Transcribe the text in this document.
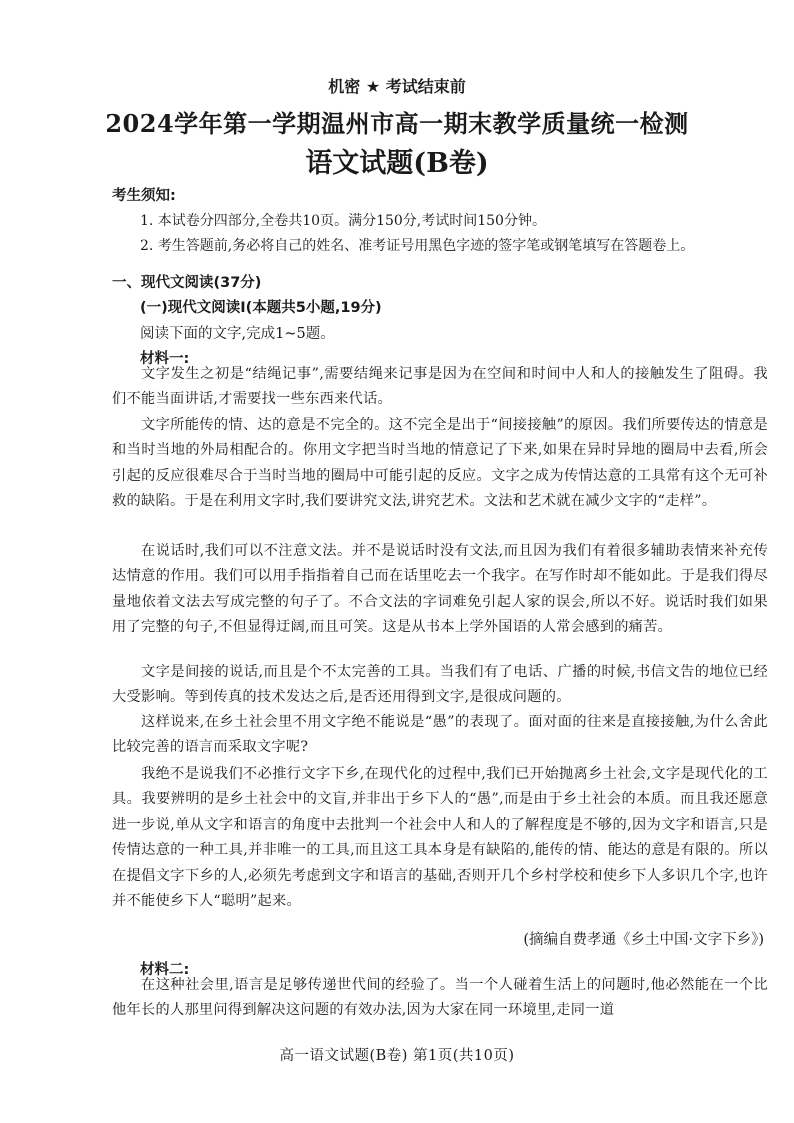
机密 ★ 考试结束前
2024学年第一学期温州市高一期末教学质量统一检测
语文试题(B卷)
考生须知:
1. 本试卷分四部分,全卷共10页。满分150分,考试时间150分钟。
2. 考生答题前,务必将自己的姓名、准考证号用黑色字迹的签字笔或钢笔填写在答题卷上。
一、现代文阅读(37分)
(一)现代文阅读Ⅰ(本题共5小题,19分)
阅读下面的文字,完成1~5题。
材料一:

文字发生之初是“结绳记事”,需要结绳来记事是因为在空间和时间中人和人的接触发生了阻碍。我们不能当面讲话,才需要找一些东西来代话。

文字所能传的情、达的意是不完全的。这不完全是出于“间接接触”的原因。我们所要传达的情意是和当时当地的外局相配合的。你用文字把当时当地的情意记了下来,如果在异时异地的圈局中去看,所会引起的反应很难尽合于当时当地的圈局中可能引起的反应。文字之成为传情达意的工具常有这个无可补救的缺陷。于是在利用文字时,我们要讲究文法,讲究艺术。文法和艺术就在减少文字的“走样”。

在说话时,我们可以不注意文法。并不是说话时没有文法,而且因为我们有着很多辅助表情来补充传达情意的作用。我们可以用手指指着自己而在话里吃去一个我字。在写作时却不能如此。于是我们得尽量地依着文法去写成完整的句子了。不合文法的字词难免引起人家的误会,所以不好。说话时我们如果用了完整的句子,不但显得迂阔,而且可笑。这是从书本上学外国语的人常会感到的痛苦。

文字是间接的说话,而且是个不太完善的工具。当我们有了电话、广播的时候,书信文告的地位已经大受影响。等到传真的技术发达之后,是否还用得到文字,是很成问题的。

这样说来,在乡土社会里不用文字绝不能说是“愚”的表现了。面对面的往来是直接接触,为什么舍此比较完善的语言而采取文字呢?

我绝不是说我们不必推行文字下乡,在现代化的过程中,我们已开始抛离乡土社会,文字是现代化的工具。我要辨明的是乡土社会中的文盲,并非出于乡下人的“愚”,而是由于乡土社会的本质。而且我还愿意进一步说,单从文字和语言的角度中去批判一个社会中人和人的了解程度是不够的,因为文字和语言,只是传情达意的一种工具,并非唯一的工具,而且这工具本身是有缺陷的,能传的情、能达的意是有限的。所以在提倡文字下乡的人,必须先考虑到文字和语言的基础,否则开几个乡村学校和使乡下人多识几个字,也许并不能使乡下人“聪明”起来。

(摘编自费孝通《乡土中国·文字下乡》)
材料二:

在这种社会里,语言是足够传递世代间的经验了。当一个人碰着生活上的问题时,他必然能在一个比他年长的人那里问得到解决这问题的有效办法,因为大家在同一环境里,走同一道

高一语文试题(B卷) 第1页(共10页)
